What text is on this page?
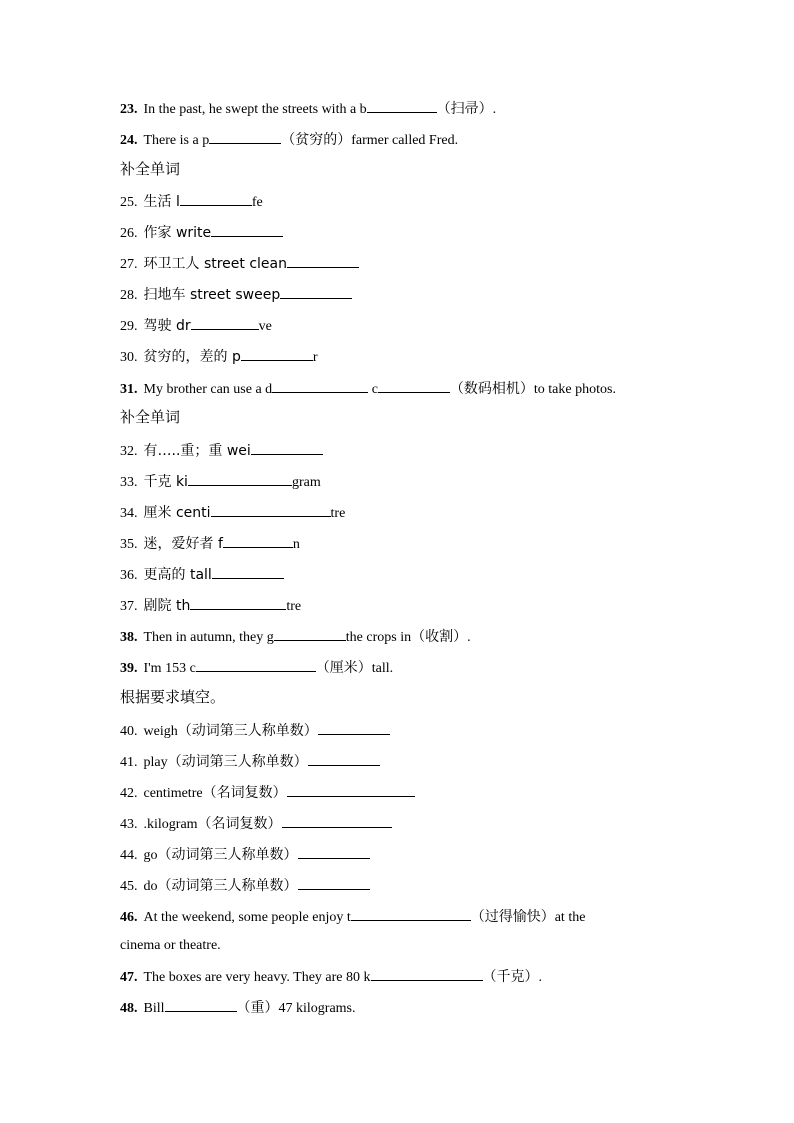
23. In the past, he swept the streets with a b	（扫帚）.
24. There is a p	（贫穷的）farmer called Fred.
补全单词
25. 生活 l	fe
26. 作家 write
27. 环卫工人 street clean
28. 扫地车 street sweep
29. 驾驶 dr	ve
30. 贫穷的，差的 p	r
31. My brother can use a d	c	（数码相机）to take photos.
补全单词
32. 有…..重；重 wei
33. 千克 ki	gram
34. 厘米 centi	tre
35. 迷，爱好者 f	n
36. 更高的 tall
37. 剧院 th	tre
38. Then in autumn, they g	the crops in（收割）.
39. I'm 153 c	（厘米）tall.
根据要求填空。
40. weigh（动词第三人称单数）
41. play（动词第三人称单数）
42. centimetre（名词复数）
43. .kilogram（名词复数）
44. go（动词第三人称单数）
45. do（动词第三人称单数）
46. At the weekend, some people enjoy t	（过得愉快）at the
cinema or theatre.
47. The boxes are very heavy. They are 80 k	（千克）.
48. Bill	（重）47 kilograms.
